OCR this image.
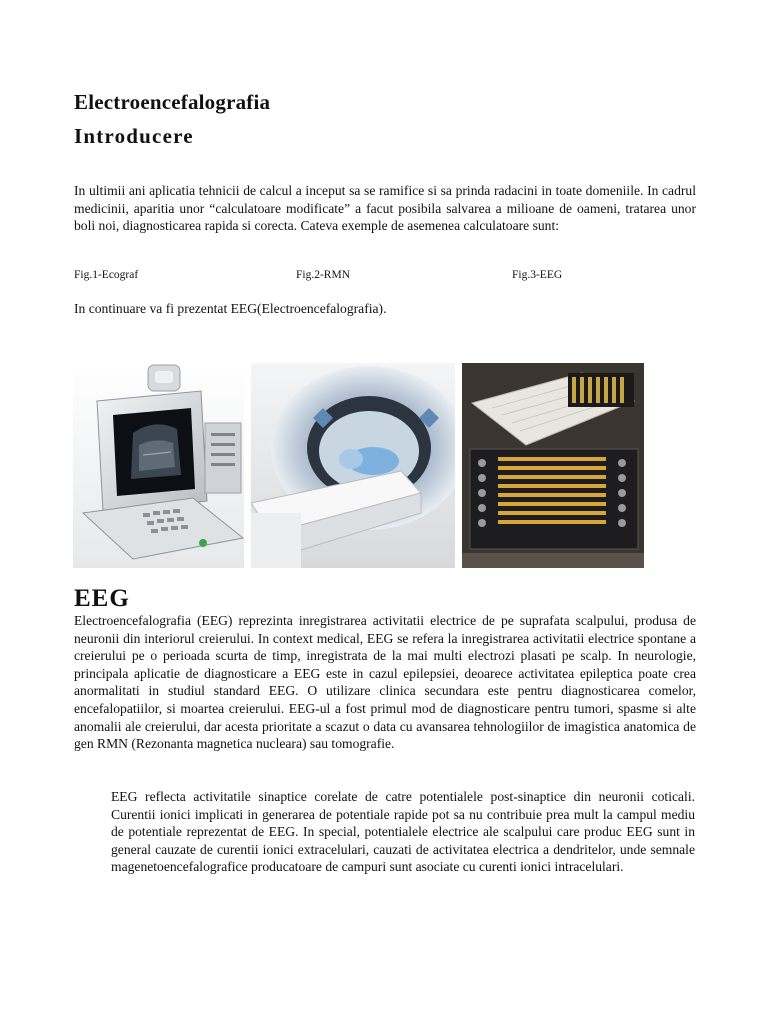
Electroencefalografia
Introducere
In ultimii ani aplicatia tehnicii de calcul a inceput sa se ramifice si sa prinda radacini in toate domeniile. In cadrul medicinii, aparitia unor “calculatoare modificate” a facut posibila salvarea a milioane de oameni, tratarea unor boli noi, diagnosticarea rapida si corecta. Cateva exemple de asemenea calculatoare sunt:
Fig.1-Ecograf	Fig.2-RMN	Fig.3-EEG
In continuare va fi prezentat EEG(Electroencefalografia).
EEG
Electroencefalografia (EEG) reprezinta inregistrarea activitatii electrice de pe suprafata scalpului, produsa de neuronii din interiorul creierului. In context medical, EEG se refera la inregistrarea activitatii electrice spontane a creierului pe o perioada scurta de timp, inregistrata de la mai multi electrozi plasati pe scalp. In neurologie, principala aplicatie de diagnosticare a EEG este in cazul epilepsiei, deoarece activitatea epileptica poate crea anormalitati in studiul standard EEG. O utilizare clinica secundara este pentru diagnosticarea comelor, encefalopatiilor, si moartea creierului. EEG-ul a fost primul mod de diagnosticare pentru tumori, spasme si alte anomalii ale creierului, dar acesta prioritate a scazut o data cu avansarea tehnologiilor de imagistica anatomica de gen RMN (Rezonanta magnetica nucleara) sau tomografie.
EEG reflecta activitatile sinaptice corelate de catre potentialele post-sinaptice din neuronii coticali. Curentii ionici implicati in generarea de potentiale rapide pot sa nu contribuie prea mult la campul mediu de potentiale reprezentat de EEG. In special, potentialele electrice ale scalpului care produc EEG sunt in general cauzate de curentii ionici extracelulari, cauzati de activitatea electrica a dendritelor, unde semnale magenetoencefalografice producatoare de campuri sunt asociate cu curenti ionici intracelulari.
